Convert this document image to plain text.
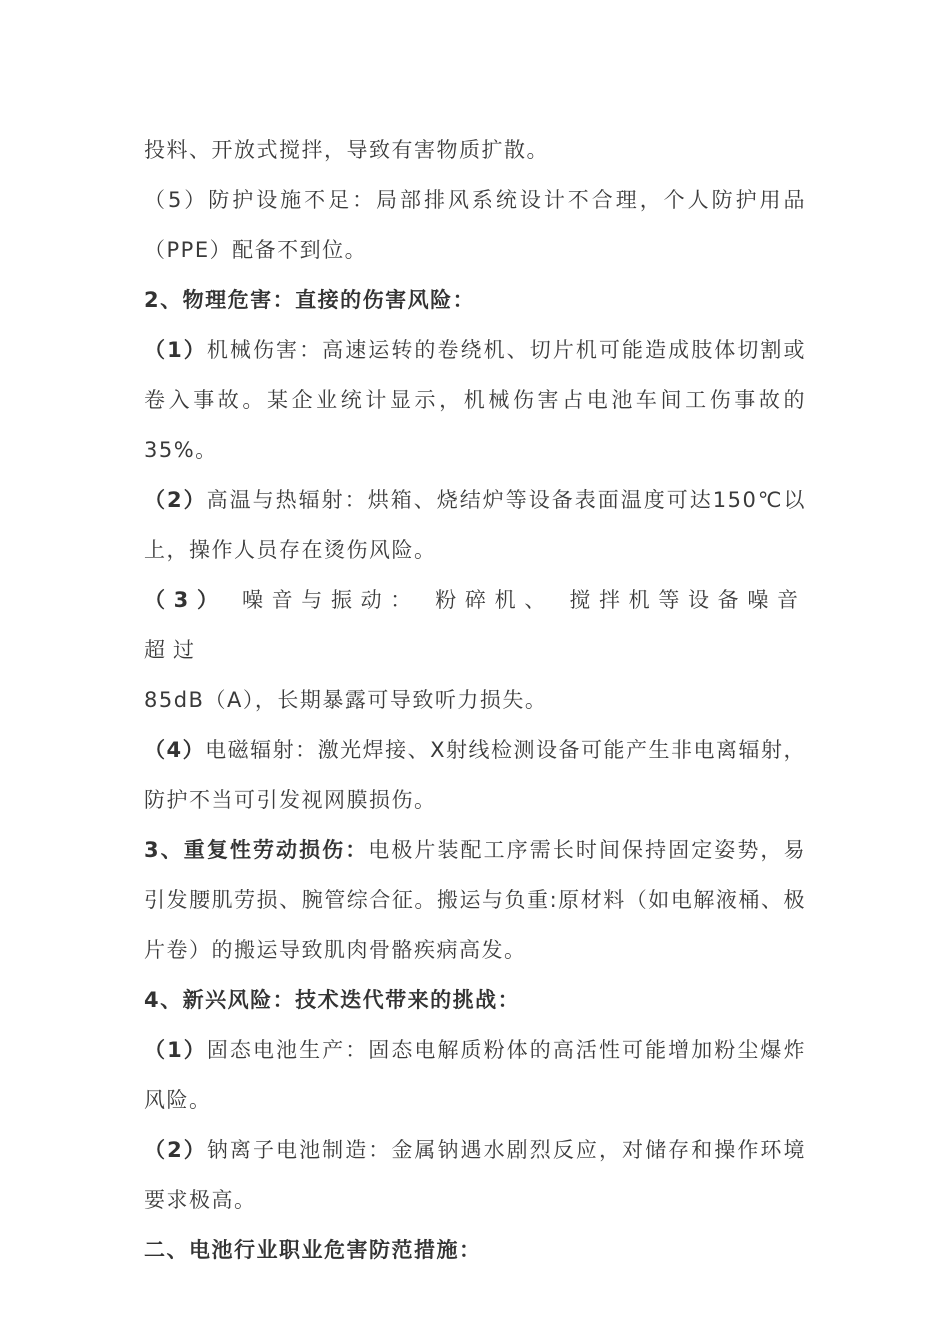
投料、开放式搅拌，导致有害物质扩散。

（5）防护设施不足：局部排风系统设计不合理，个人防护用品（PPE）配备不到位。

2、物理危害：直接的伤害风险：

（1）机械伤害：高速运转的卷绕机、切片机可能造成肢体切割或卷入事故。某企业统计显示，机械伤害占电池车间工伤事故的35%。

（2）高温与热辐射：烘箱、烧结炉等设备表面温度可达150℃以上，操作人员存在烫伤风险。

（3） 噪音与振动： 粉碎机、 搅拌机等设备噪音超过
85dB（A），长期暴露可导致听力损失。

（4）电磁辐射：激光焊接、X射线检测设备可能产生非电离辐射，防护不当可引发视网膜损伤。

3、重复性劳动损伤：电极片装配工序需长时间保持固定姿势，易引发腰肌劳损、腕管综合征。搬运与负重:原材料（如电解液桶、极片卷）的搬运导致肌肉骨骼疾病高发。

4、新兴风险：技术迭代带来的挑战：

（1）固态电池生产：固态电解质粉体的高活性可能增加粉尘爆炸风险。

（2）钠离子电池制造：金属钠遇水剧烈反应，对储存和操作环境要求极高。

二、电池行业职业危害防范措施：
